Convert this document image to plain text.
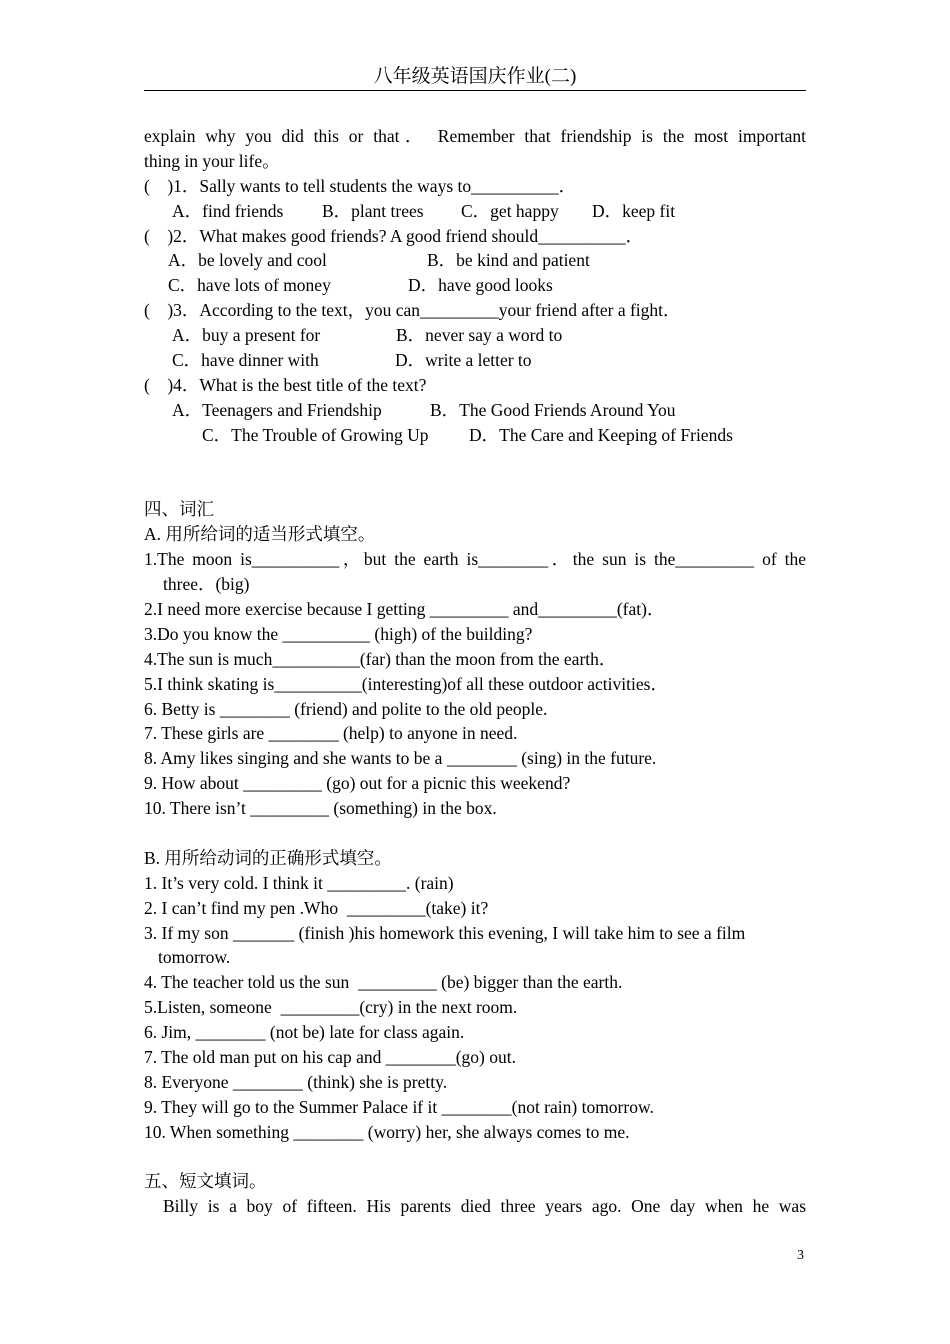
八年级英语国庆作业(二)
explain why you did this or that． Remember that friendship is the most important
thing in your life。
(    )1．Sally wants to tell students the ways to__________．
A．find friends B．plant trees C．get happy D．keep fit
(    )2．What makes good friends? A good friend should__________．
A．be lovely and cool	B．be kind and patient
C．have lots of money	D．have good looks
(    )3．According to the text，you can_________your friend after a fight．
A．buy a present for	B．never say a word to
C．have dinner with	D．write a letter to
(    )4．What is the best title of the text?
A．Teenagers and Friendship	B．The Good Friends Around You
C．The Trouble of Growing Up D．The Care and Keeping of Friends
四、词汇
A. 用所给词的适当形式填空。
1.The moon is__________，but the earth is________．the sun is the_________ of the
three．(big)
2.I need more exercise because I getting _________ and_________(fat)．
3.Do you know the __________ (high) of the building?
4.The sun is much__________(far) than the moon from the earth．
5.I think skating is__________(interesting)of all these outdoor activities．
6. Betty is ________ (friend) and polite to the old people.
7. These girls are ________ (help) to anyone in need.
8. Amy likes singing and she wants to be a ________ (sing) in the future.
9. How about _________ (go) out for a picnic this weekend?
10. There isn’t _________ (something) in the box.
B. 用所给动词的正确形式填空。
1. It’s very cold. I think it _________. (rain)
2. I can’t find my pen .Who  _________(take) it?
3. If my son _______ (finish )his homework this evening, I will take him to see a film
tomorrow.
4. The teacher told us the sun  _________ (be) bigger than the earth.
5.Listen, someone  _________(cry) in the next room.
6. Jim, ________ (not be) late for class again.
7. The old man put on his cap and ________(go) out.
8. Everyone ________ (think) she is pretty.
9. They will go to the Summer Palace if it ________(not rain) tomorrow.
10. When something ________ (worry) her, she always comes to me.
五、短文填词。
Billy is a boy of fifteen. His parents died three years ago. One day when he was
3
